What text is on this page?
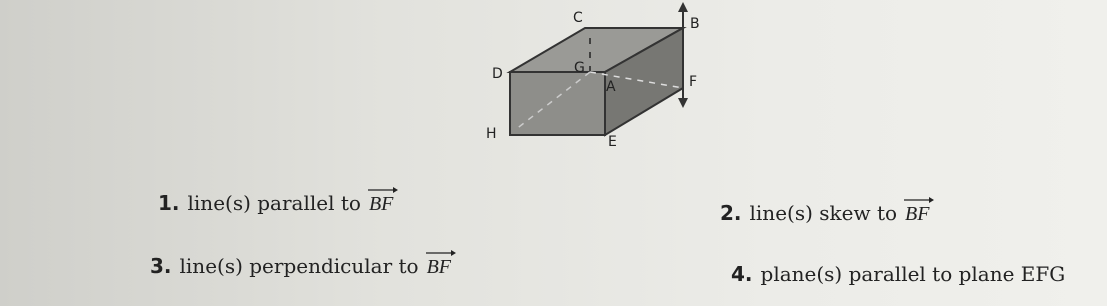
C	B
D	G
A	F
H	E
1. line(s) parallel to BF	2. line(s) skew to BF
3. line(s) perpendicular to BF	4. plane(s) parallel to plane EFG
